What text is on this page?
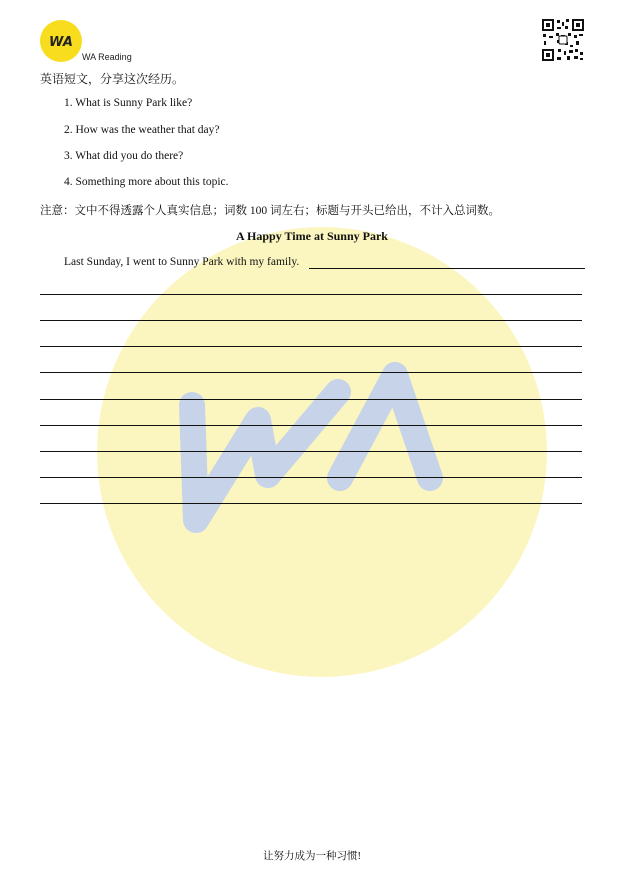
WA
WA Reading
英语短文，分享这次经历。
1. What is Sunny Park like?
2. How was the weather that day?
3. What did you do there?
4. Something more about this topic.
注意：文中不得透露个人真实信息；词数 100 词左右；标题与开头已给出，不计入总词数。
A Happy Time at Sunny Park
Last Sunday, I went to Sunny Park with my family.
让努力成为一种习惯!
